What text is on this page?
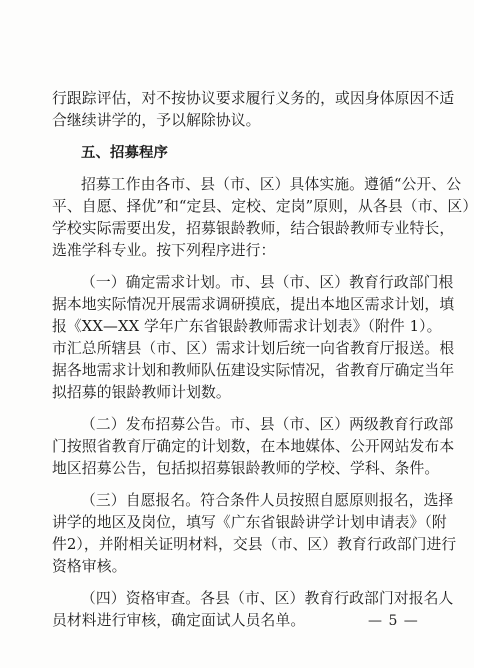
行跟踪评估，对不按协议要求履行义务的，或因身体原因不适

合继续讲学的，予以解除协议。

五、招募程序

招募工作由各市、县（市、区）具体实施。遵循“公开、公

平、自愿、择优”和“定县、定校、定岗”原则，从各县（市、区）

学校实际需要出发，招募银龄教师，结合银龄教师专业特长，

选准学科专业。按下列程序进行：

（一）确定需求计划。市、县（市、区）教育行政部门根

据本地实际情况开展需求调研摸底，提出本地区需求计划，填

报《XX—XX 学年广东省银龄教师需求计划表》（附件 1）。

市汇总所辖县（市、区）需求计划后统一向省教育厅报送。根

据各地需求计划和教师队伍建设实际情况，省教育厅确定当年

拟招募的银龄教师计划数。

（二）发布招募公告。市、县（市、区）两级教育行政部

门按照省教育厅确定的计划数，在本地媒体、公开网站发布本

地区招募公告，包括拟招募银龄教师的学校、学科、条件。

（三）自愿报名。符合条件人员按照自愿原则报名，选择

讲学的地区及岗位，填写《广东省银龄讲学计划申请表》（附

件2），并附相关证明材料，交县（市、区）教育行政部门进行

资格审核。

（四）资格审查。各县（市、区）教育行政部门对报名人

员材料进行审核，确定面试人员名单。	— 5 —
